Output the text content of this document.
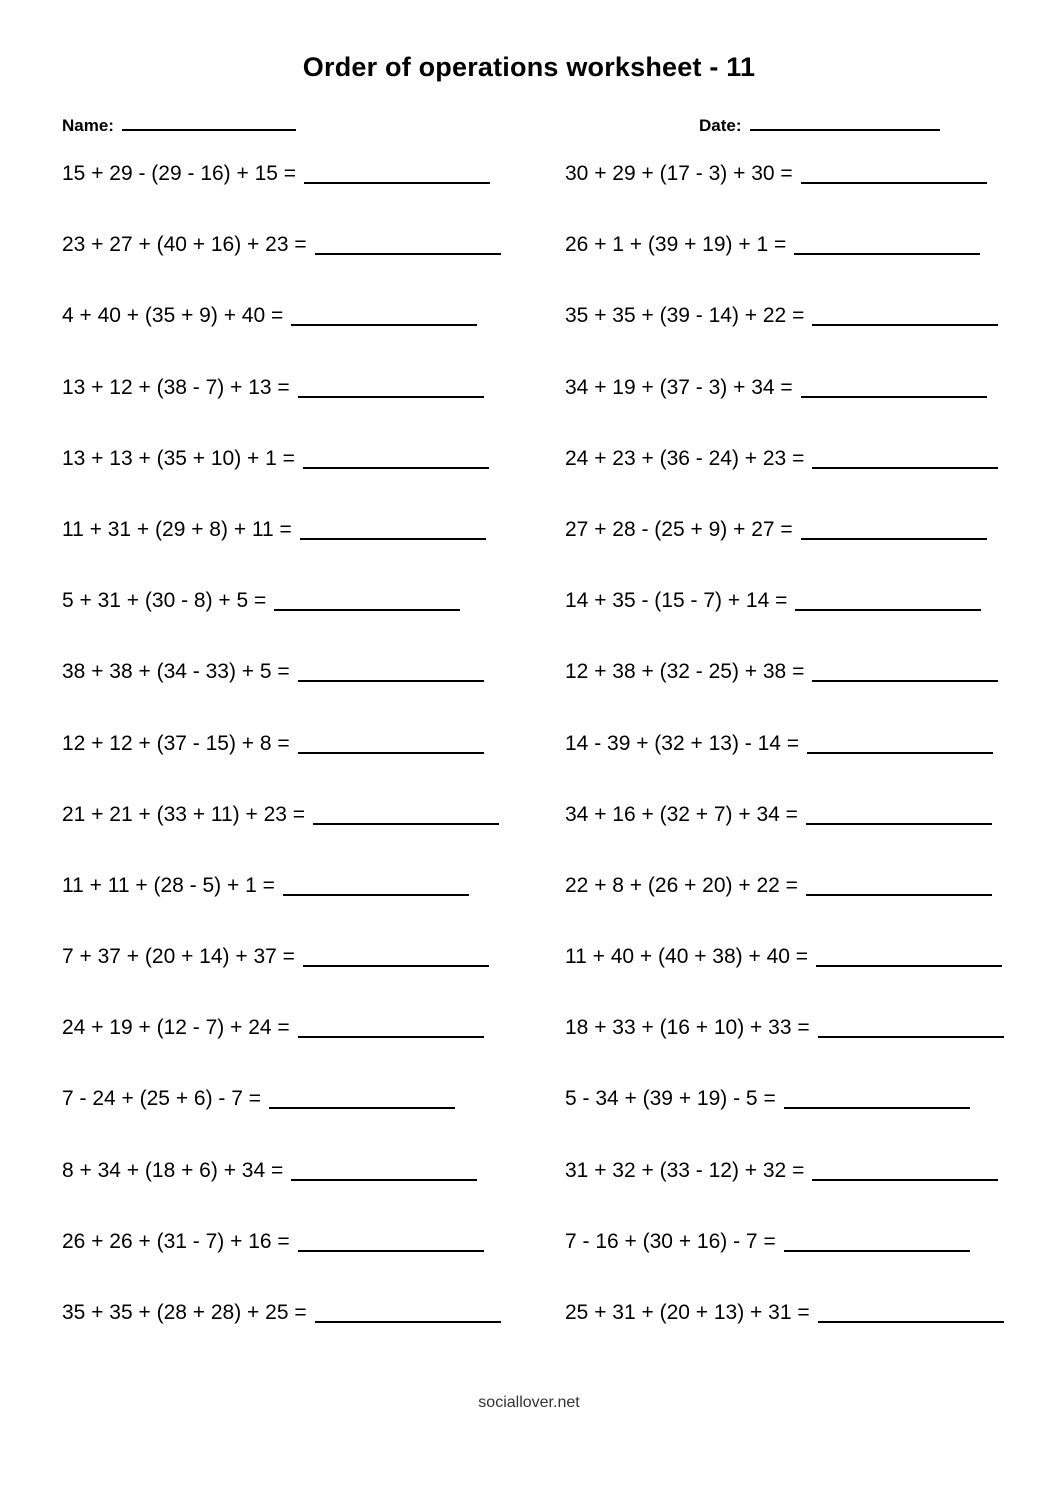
Order of operations worksheet - 11
Name:	Date:
15 + 29 - (29 - 16) + 15 =
23 + 27 + (40 + 16) + 23 =
4 + 40 + (35 + 9) + 40 =
13 + 12 + (38 - 7) + 13 =
13 + 13 + (35 + 10) + 1 =
11 + 31 + (29 + 8) + 11 =
5 + 31 + (30 - 8) + 5 =
38 + 38 + (34 - 33) + 5 =
12 + 12 + (37 - 15) + 8 =
21 + 21 + (33 + 11) + 23 =
11 + 11 + (28 - 5) + 1 =
7 + 37 + (20 + 14) + 37 =
24 + 19 + (12 - 7) + 24 =
7 - 24 + (25 + 6) - 7 =
8 + 34 + (18 + 6) + 34 =
26 + 26 + (31 - 7) + 16 =
35 + 35 + (28 + 28) + 25 =
30 + 29 + (17 - 3) + 30 =
26 + 1 + (39 + 19) + 1 =
35 + 35 + (39 - 14) + 22 =
34 + 19 + (37 - 3) + 34 =
24 + 23 + (36 - 24) + 23 =
27 + 28 - (25 + 9) + 27 =
14 + 35 - (15 - 7) + 14 =
12 + 38 + (32 - 25) + 38 =
14 - 39 + (32 + 13) - 14 =
34 + 16 + (32 + 7) + 34 =
22 + 8 + (26 + 20) + 22 =
11 + 40 + (40 + 38) + 40 =
18 + 33 + (16 + 10) + 33 =
5 - 34 + (39 + 19) - 5 =
31 + 32 + (33 - 12) + 32 =
7 - 16 + (30 + 16) - 7 =
25 + 31 + (20 + 13) + 31 =
sociallover.net
